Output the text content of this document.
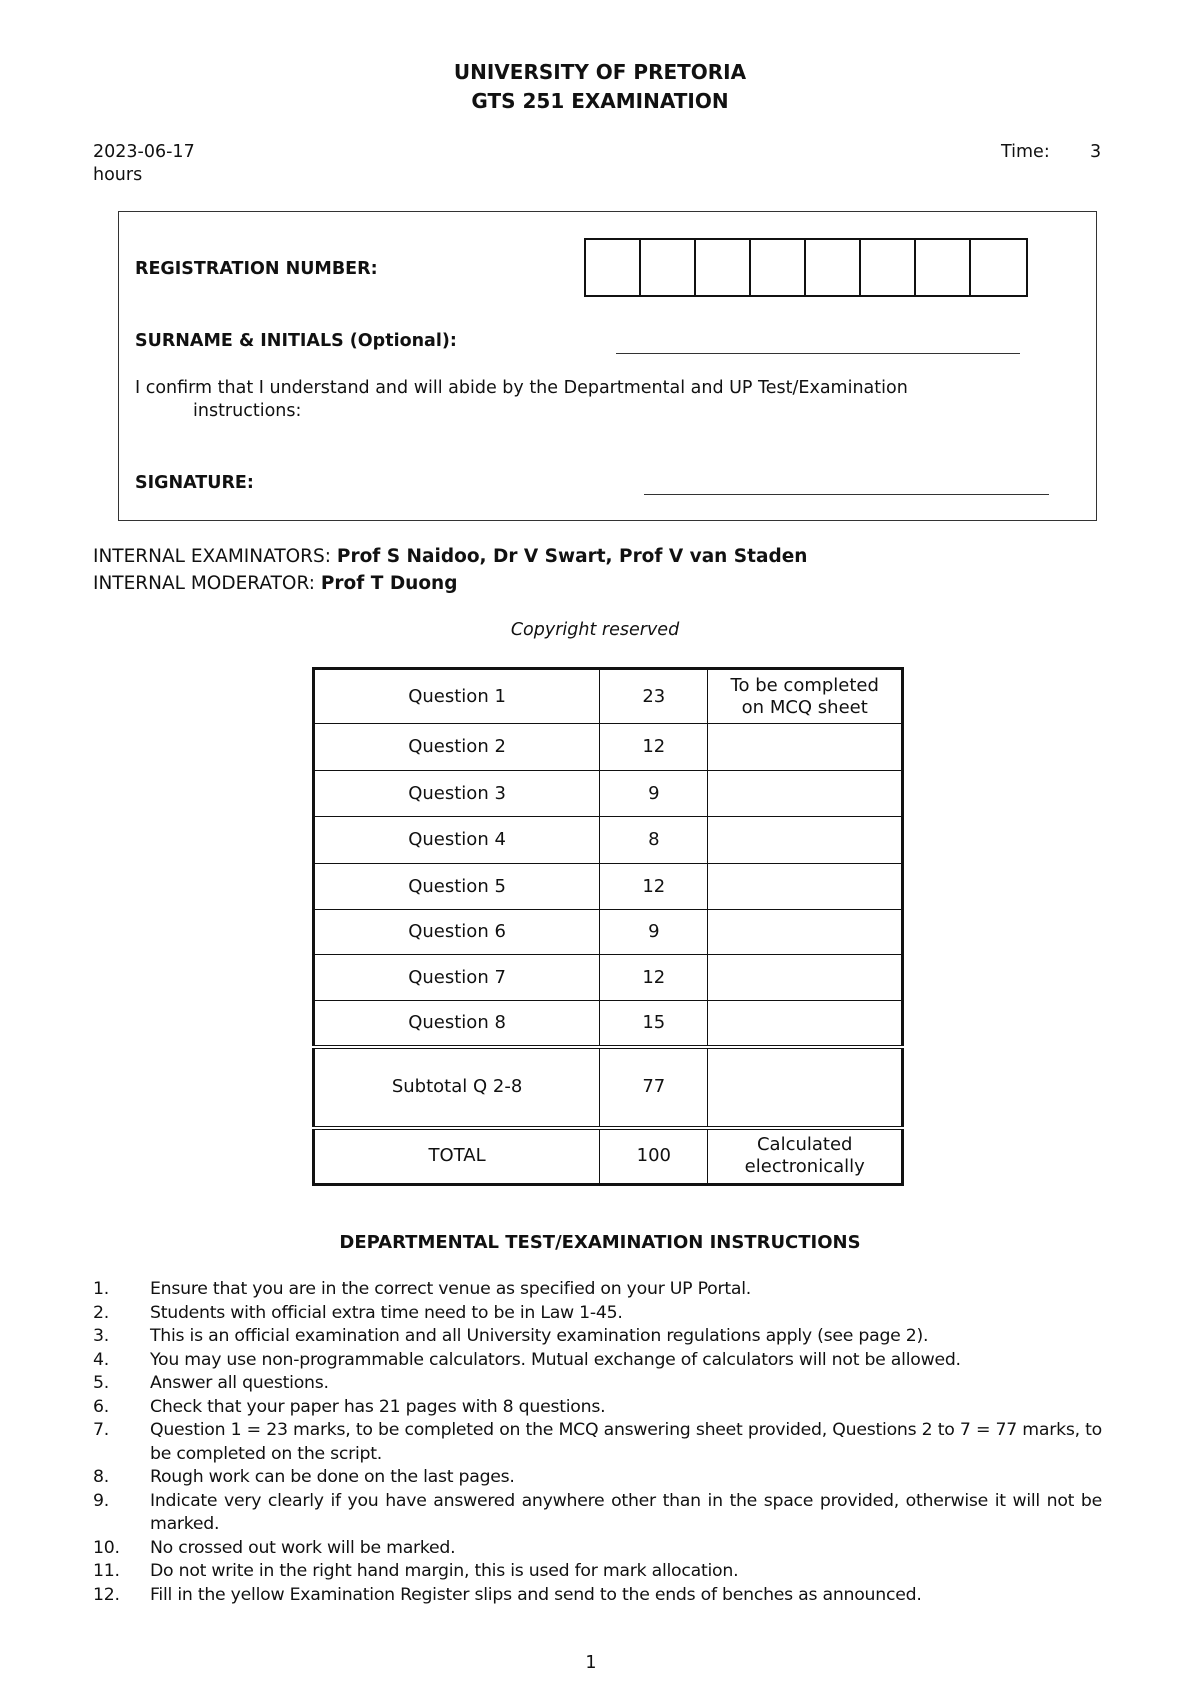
UNIVERSITY OF PRETORIA
GTS 251 EXAMINATION
2023-06-17
hours
Time: 3
REGISTRATION NUMBER:
SURNAME & INITIALS (Optional):
I confirm that I understand and will abide by the Departmental and UP Test/Examination
instructions:
SIGNATURE:
INTERNAL EXAMINATORS: Prof S Naidoo, Dr V Swart, Prof V van Staden
INTERNAL MODERATOR: Prof T Duong
Copyright reserved
Question 1	23	To be completed on MCQ sheet
Question 2	12	
Question 3	9	
Question 4	8	
Question 5	12	
Question 6	9	
Question 7	12	
Question 8	15	
Subtotal Q 2-8	77	
TOTAL	100	Calculated electronically
DEPARTMENTAL TEST/EXAMINATION INSTRUCTIONS
1. Ensure that you are in the correct venue as specified on your UP Portal.
2. Students with official extra time need to be in Law 1-45.
3. This is an official examination and all University examination regulations apply (see page 2).
4. You may use non-programmable calculators. Mutual exchange of calculators will not be allowed.
5. Answer all questions.
6. Check that your paper has 21 pages with 8 questions.
7. Question 1 = 23 marks, to be completed on the MCQ answering sheet provided, Questions 2 to 7 = 77 marks, to be completed on the script.
8. Rough work can be done on the last pages.
9. Indicate very clearly if you have answered anywhere other than in the space provided, otherwise it will not be marked.
10. No crossed out work will be marked.
11. Do not write in the right hand margin, this is used for mark allocation.
12. Fill in the yellow Examination Register slips and send to the ends of benches as announced.
1
